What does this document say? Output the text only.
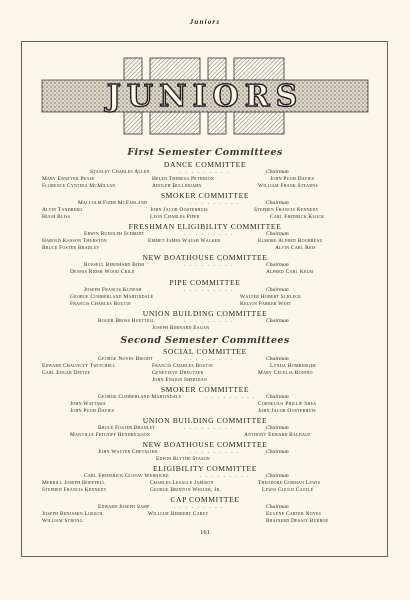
Juniors
JUNIORS
First Semester Committees
DANCE COMMITTEE
Stanley Charles Allen	. . . . . . . . .	Chairman
Mary Enneyer Pease	Helen Theresa Peterson	John Pugh Davies
Florence Cynthia McMillan	Adolph Bullerjahn	William Frank Stearns
SMOKER COMMITTEE
Malcolm Fizer McFarland	. . . . . . . . .	Chairman
Alvin Tandberg	John Jacob Oosterhuis	Stephen Francis Kennedy
Hugh Bliss	Leon Charles Piper	Carl Fredrick Klock
FRESHMAN ELIGIBILITY COMMITTEE
Erwin Rudolph Schmidt	. . . . . . . . .	Chairman
Harold Kasson Thurston	Emmet James Walsh Walker	Elmore Alfred Bourreau
Bruce Foster Bradley	Alvin Carl Reis
NEW BOATHOUSE COMMITTEE
Russell Bernhard Bieri	. . . . . . . . .	Chairman
Dennis Rider Wood Crile	Alfred Carl Kelm
PIPE COMMITTEE
Joseph Francis Kunesh	. . . . . . . . .	Chairman
George Cumberland Martindale	Walter Hubert Schleck
Francis Charles Boutin	Kelvin Parker West
UNION BUILDING COMMITTEE
Roger Bross Buettell	. . . . . . . . .	Chairman
Joseph Bernard Eagan
Second Semester Committees
SOCIAL COMMITTEE
George Noyes Bright	. . . . . . . . .	Chairman
Edward Chauncey Twitchell	Francis Charles Boutin	Lynda Homberger
Carl Edgar Dietze	Genevieve Dreutzer	Mary Cecelia Bonino
John Ensign Sheridan
SMOKER COMMITTEE
George Cumberland Martindale	. . . . . . . . . Chairman
John Wattawa	Cornelius Phillip Shea
John Pugh Davies	John Jacob Oosterhuis
UNION BUILDING COMMITTEE
Bruce Foster Bradley	. . . . . . . . .	Chairman
Manville Fritjoff Hendrickson	Anthony Edward Baldauf
NEW BOATHOUSE COMMITTEE
John Walter Chevalier	. . . . . . . . .	Chairman
Edwin Blythe Stason
ELIGIBILITY COMMITTEE
Carl Frederick Gustav Wernicke	. . . . . . . . .	Chairman
Merrill Joseph Hoeffell	Charles Lesalle Jamison	Theodore Gorman Lewis
Stephen Francis Kennedy	George Brinton Wesler, Jr.	Lewis Gould Castle
CAP COMMITTEE
Edward Joseph Samp	. . . . . . . . .	Chairman
Joseph Benjamin Loesch	William Herbert Carey	Eugene Carter Noyes
William Strong	Brainerd Desaix Burboe
161
